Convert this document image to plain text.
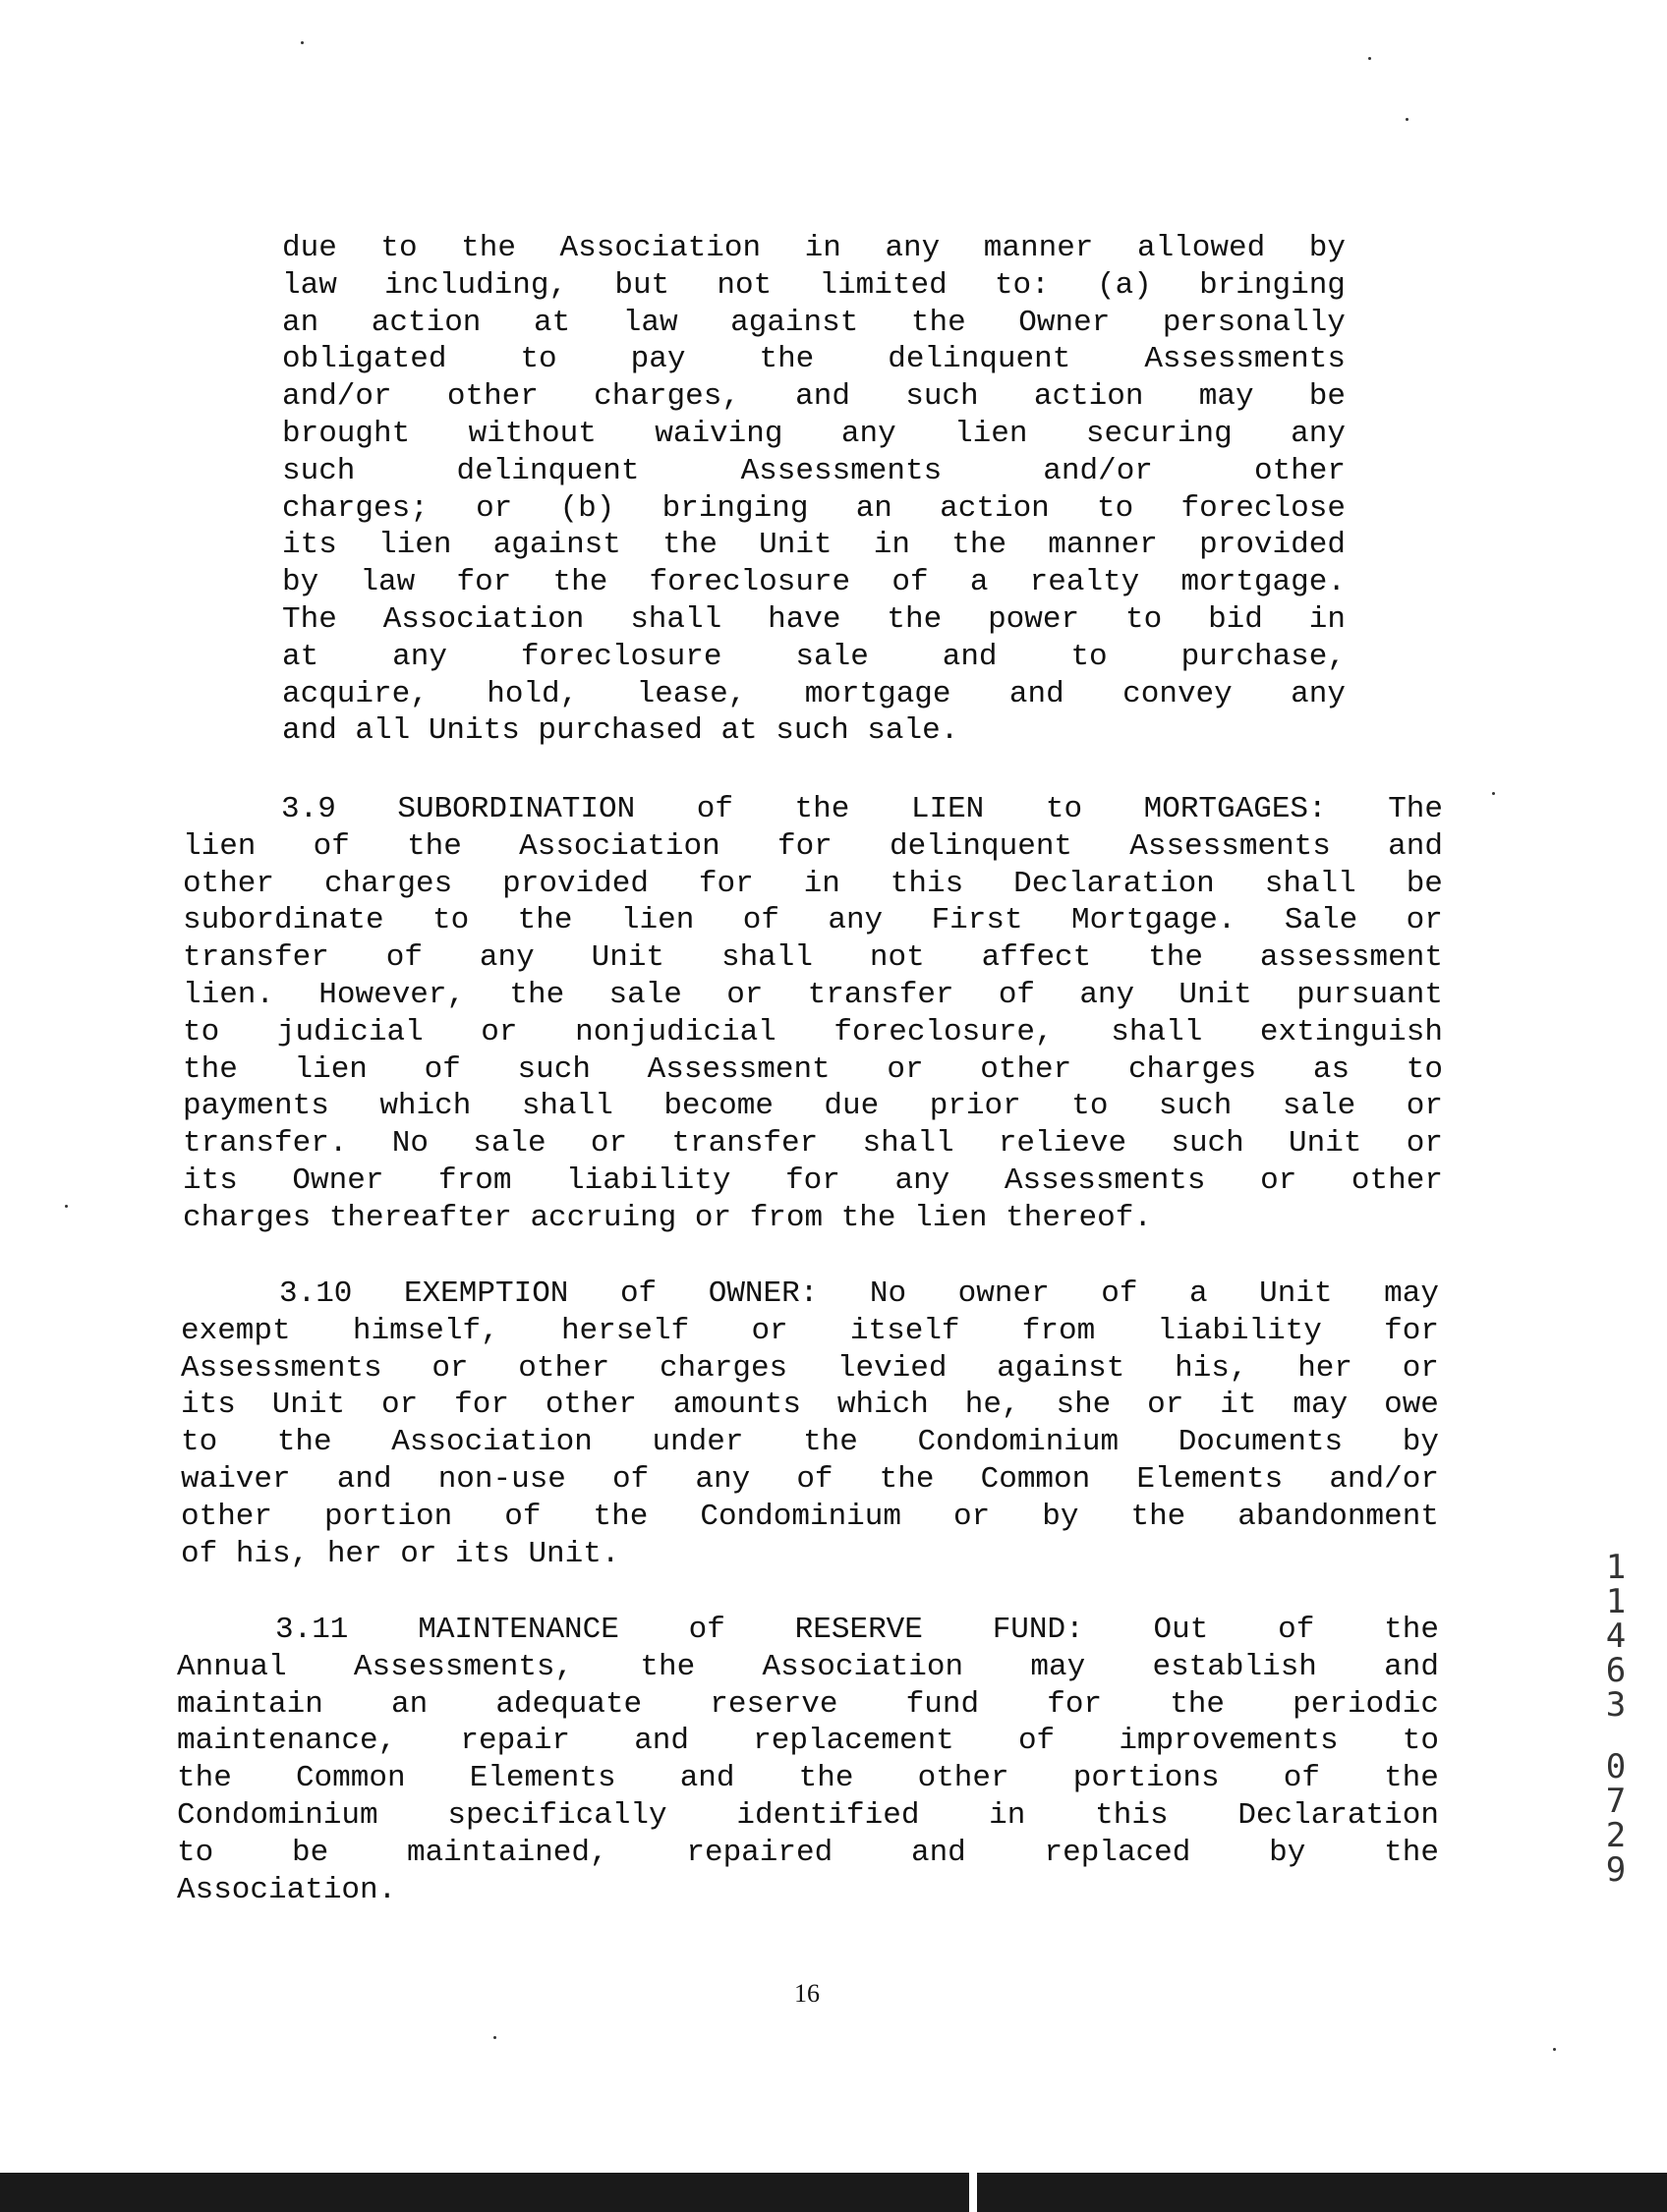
due to the Association in any manner allowed by
law including, but not limited to: (a) bringing
an action at law against the Owner personally
obligated to pay the delinquent Assessments
and/or other charges, and such action may be
brought without waiving any lien securing any
such	delinquent	Assessments	and/or	other
charges; or (b) bringing an action to foreclose
its lien against the Unit in the manner provided
by law for the foreclosure of a realty mortgage.
The Association shall have the power to bid in
at any foreclosure sale and to purchase,
acquire, hold, lease, mortgage and convey any
and all Units purchased at such sale.
3.9 SUBORDINATION of the LIEN to MORTGAGES: The
lien of the Association for delinquent Assessments and
other charges provided for in this Declaration shall be
subordinate to the lien of any First Mortgage. Sale or
transfer of any Unit shall not affect the assessment
lien. However, the sale or transfer of any Unit pursuant
to judicial or nonjudicial foreclosure, shall extinguish
the lien of such Assessment or other charges as to
payments which shall become due prior to such sale or
transfer. No sale or transfer shall relieve such Unit or
its Owner from liability for any Assessments or other
charges thereafter accruing or from the lien thereof.
3.10 EXEMPTION of OWNER: No owner of a Unit may
exempt himself, herself or itself from liability for
Assessments or other charges levied against his, her or
its Unit or for other amounts which he, she or it may owe
to the Association under the Condominium Documents by
waiver and non-use of any of the Common Elements and/or
other portion of the Condominium or by the abandonment
of his, her or its Unit.
3.11 MAINTENANCE of RESERVE FUND: Out of the
Annual Assessments, the Association may establish and
maintain an adequate reserve fund for the periodic
maintenance, repair and replacement of improvements to
the Common Elements and the other portions of the
Condominium specifically identified in this Declaration
to	be	maintained,	repaired	and	replaced	by	the
Association.
16
1
1
4
6
3
0
7
2
9
